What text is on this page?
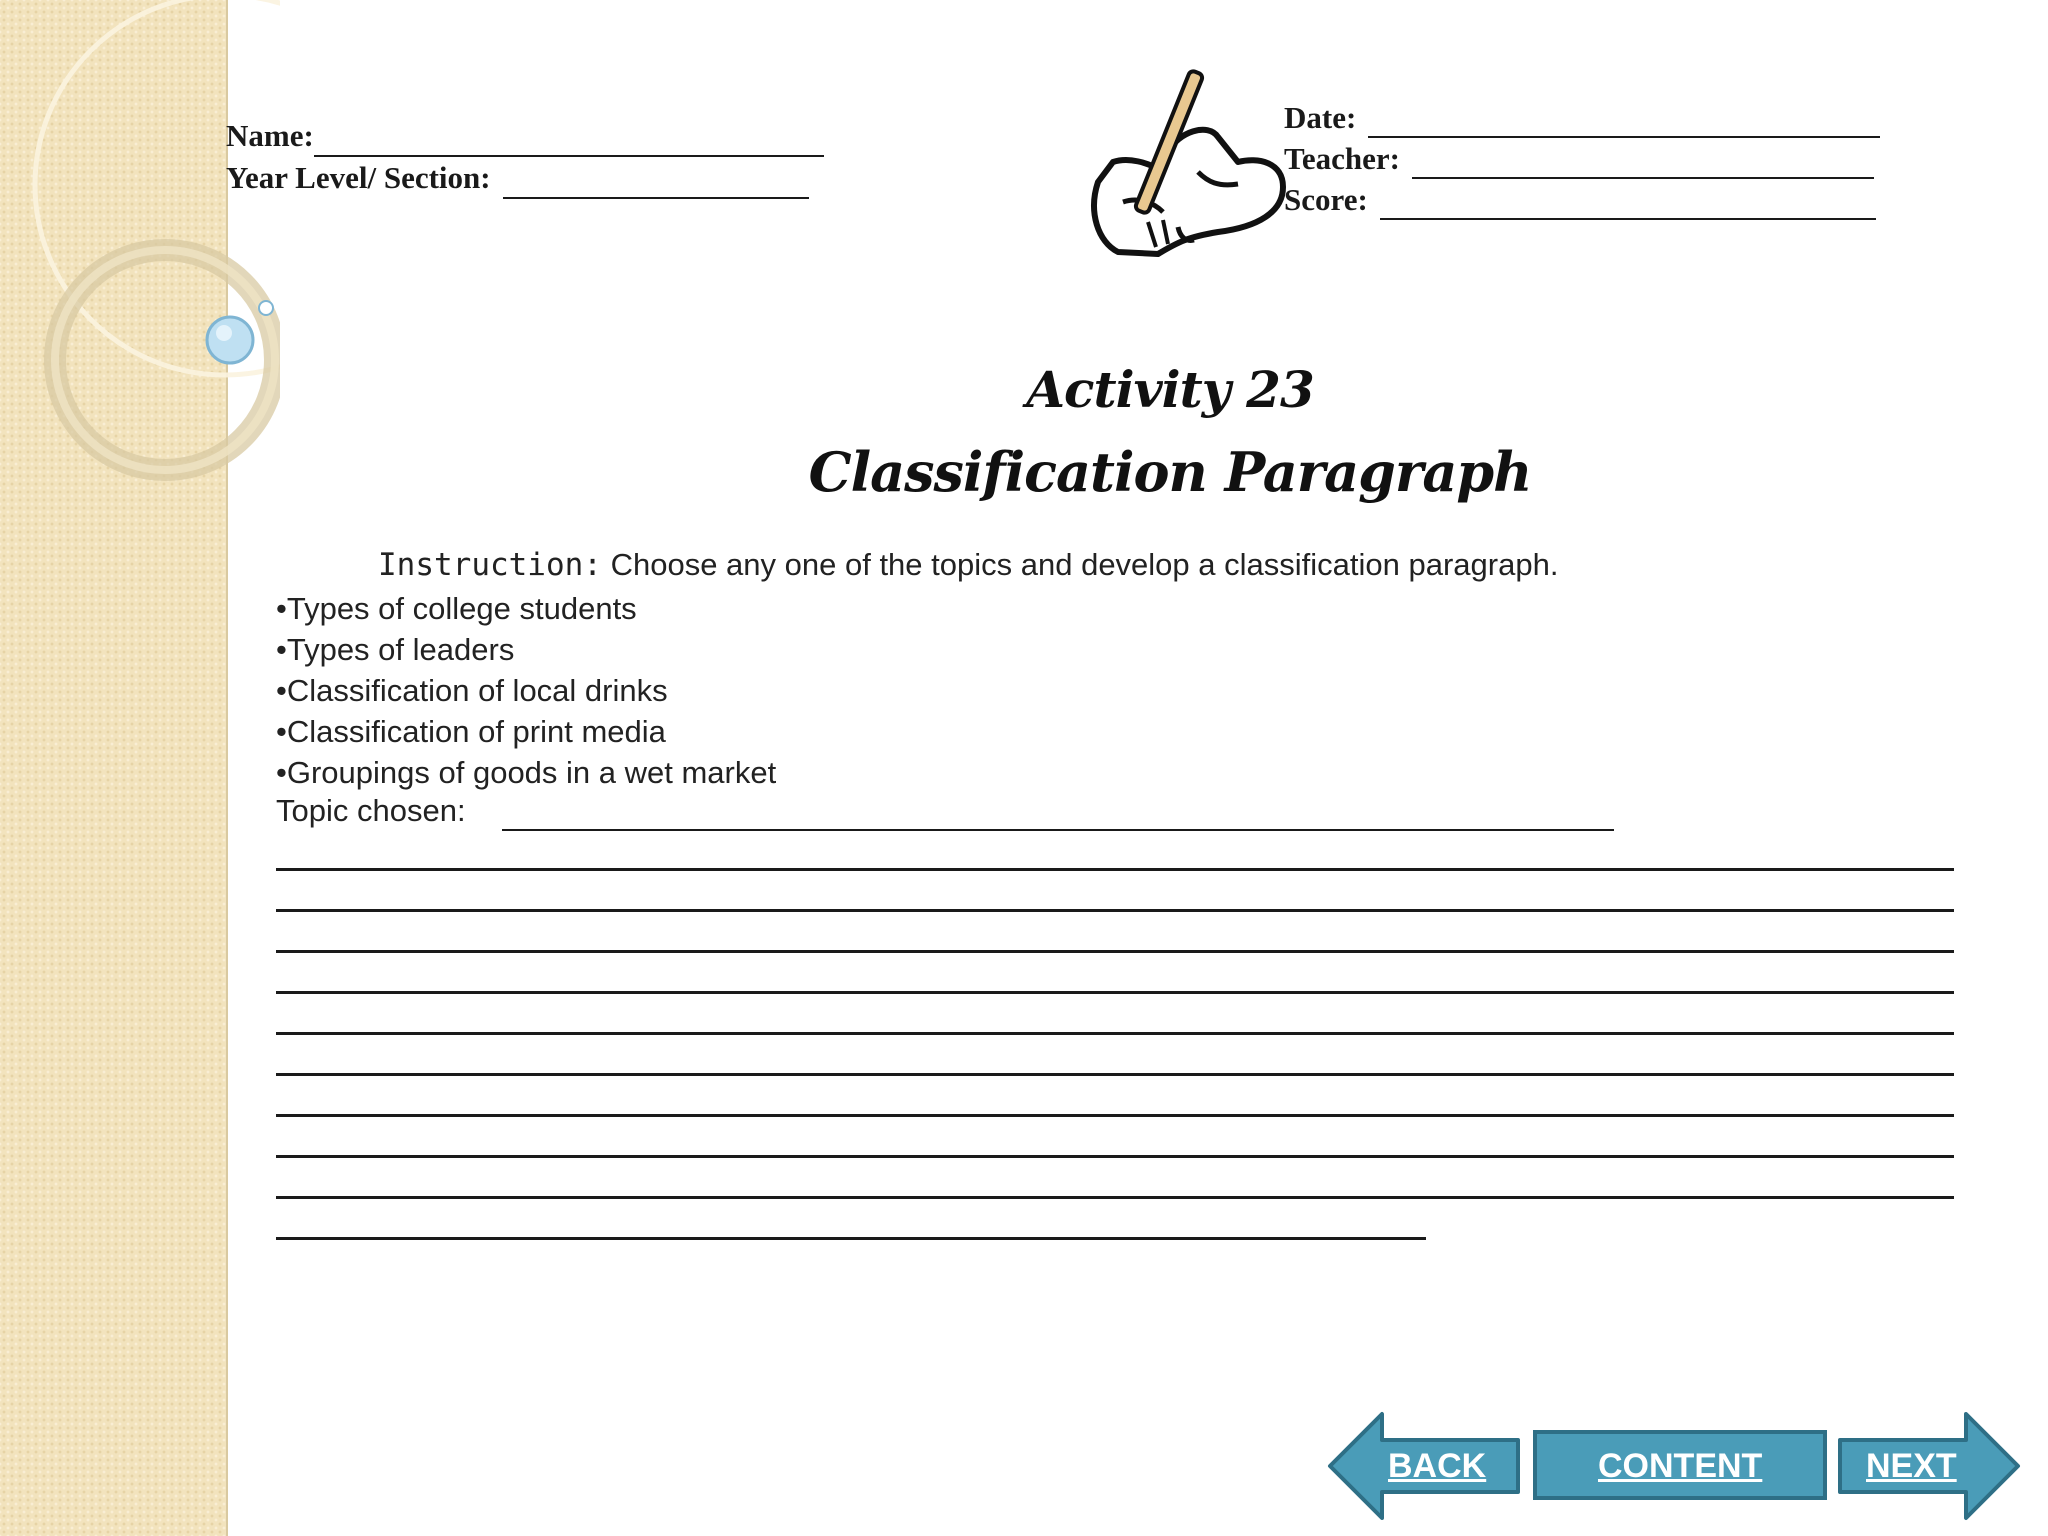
Name:
Year Level/ Section:
Date:
Teacher:
Score:
Activity 23
Classification Paragraph
Instruction: Choose any one of the topics and develop a classification paragraph.
•Types of college students
•Types of leaders
•Classification of local drinks
•Classification of print media
•Groupings of goods in a wet market
Topic chosen:
BACK	CONTENT	NEXT
